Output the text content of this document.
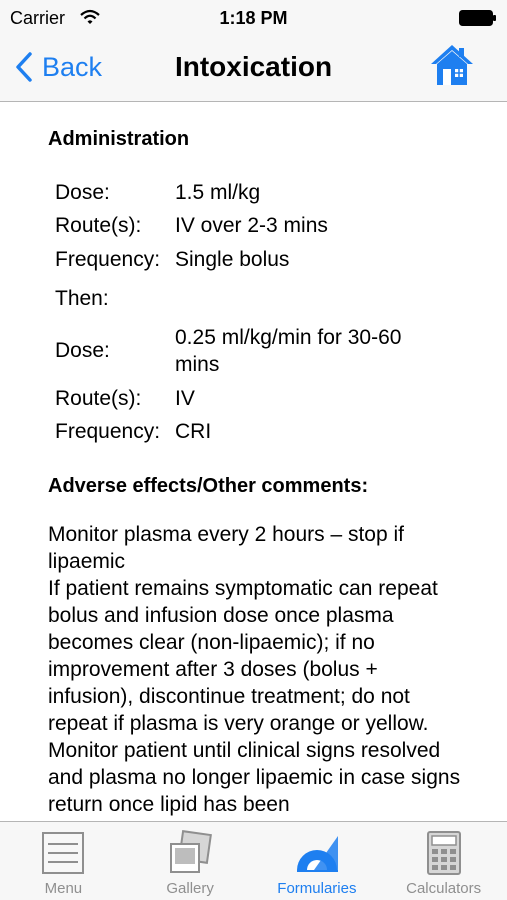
Carrier	1:18 PM
Back	Intoxication
Administration
Dose:	1.5 ml/kg
Route(s): IV over 2-3 mins
Frequency: Single bolus
Then:
Dose:
0.25 ml/kg/min for 30-60 mins
Route(s): IV
Frequency: CRI
Adverse effects/Other comments:

Monitor plasma every 2 hours – stop if lipaemic

If patient remains symptomatic can repeat bolus and infusion dose once plasma becomes clear (non-lipaemic); if no improvement after 3 doses (bolus + infusion), discontinue treatment; do not repeat if plasma is very orange or yellow.

Monitor patient until clinical signs resolved and plasma no longer lipaemic in case signs return once lipid has been

Menu	Gallery	Formularies	Calculators
